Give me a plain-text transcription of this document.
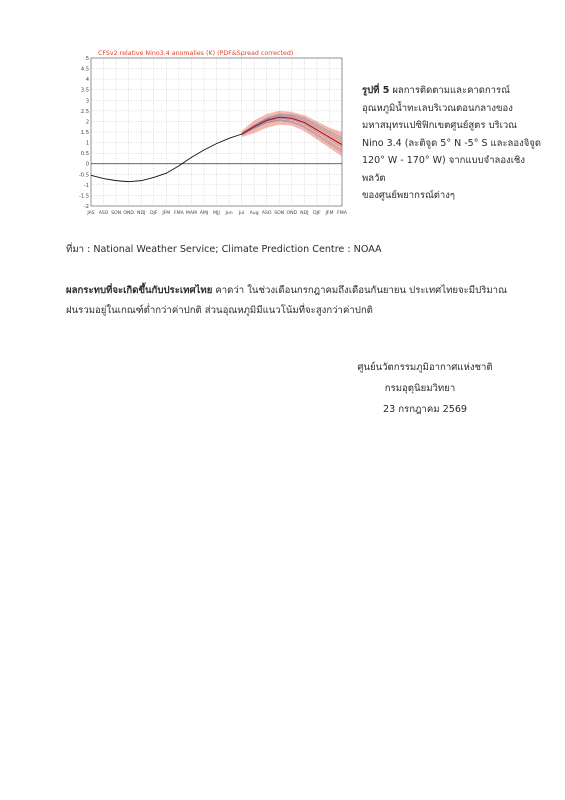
CFSv2 relative Nino3.4 anomalies (K) (PDF&Spread corrected)
5
4.5
4
3.5
3
2.5
2
1.5
1
0.5
0
-0.5
-1
-1.5
-2
JAS ASO SON OND NDJ DJF JFM FMA MAM AMJ MJJ Jun Jul Aug ASO SON OND NDJ DJF JFM FMA
รูปที่ 5 ผลการติดตามและคาดการณ์
อุณหภูมิน้ำทะเลบริเวณตอนกลางของ
มหาสมุทรแปซิฟิกเขตศูนย์สูตร บริเวณ
Nino 3.4 (ละติจูด 5° N -5° S และลองจิจูด
120° W - 170° W) จากแบบจำลองเชิงพลวัต
ของศูนย์พยากรณ์ต่างๆ
ที่มา : National Weather Service; Climate Prediction Centre : NOAA
ผลกระทบที่จะเกิดขึ้นกับประเทศไทย คาดว่า ในช่วงเดือนกรกฎาคมถึงเดือนกันยายน ประเทศไทยจะมีปริมาณ
ฝนรวมอยู่ในเกณฑ์ต่ำกว่าค่าปกติ ส่วนอุณหภูมิมีแนวโน้มที่จะสูงกว่าค่าปกติ
ศูนย์นวัตกรรมภูมิอากาศแห่งชาติ
กรมอุตุนิยมวิทยา
23 กรกฎาคม 2569
